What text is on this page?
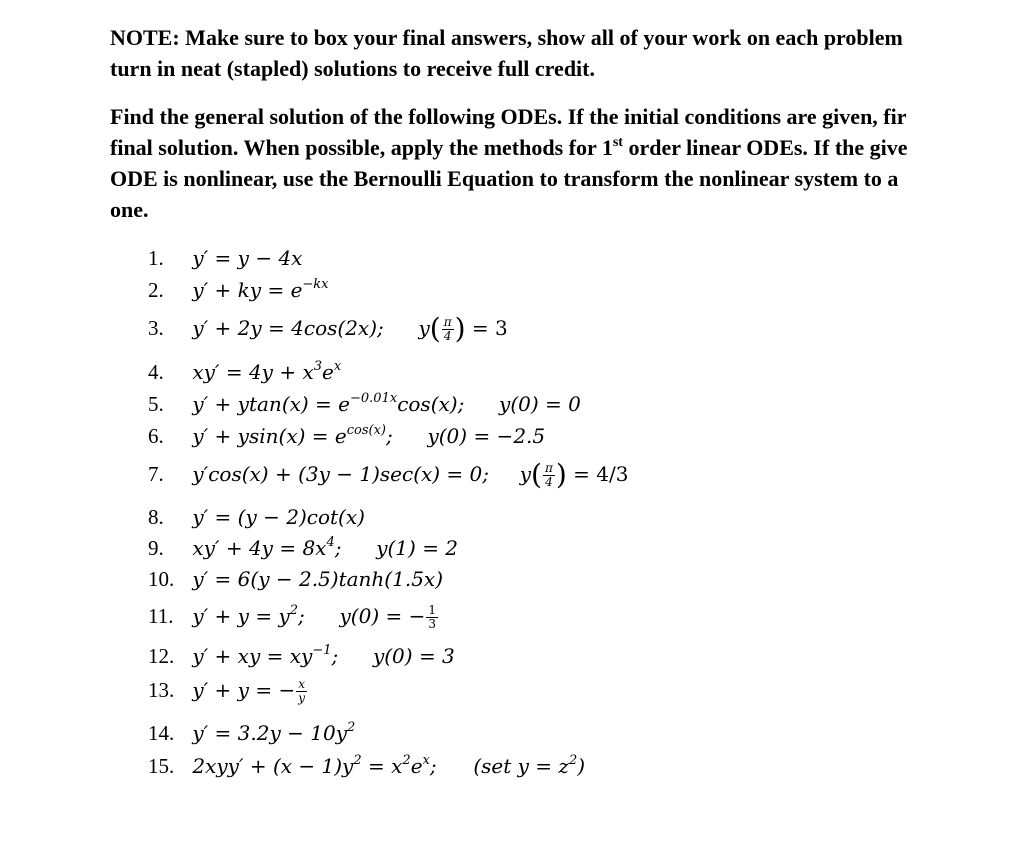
NOTE: Make sure to box your final answers, show all of your work on each problem
turn in neat (stapled) solutions to receive full credit.
Find the general solution of the following ODEs. If the initial conditions are given, fir
final solution. When possible, apply the methods for 1st order linear ODEs. If the give
ODE is nonlinear, use the Bernoulli Equation to transform the nonlinear system to a
one.
1. y′ = y − 4x
2. y′ + ky = $e^{-kx}$
3. y′ + 2y = 4cos(2x); $y( \frac{\pi}{4}$ ) = 3
4. $xy' = 4y + x^3e^x$
5. $y' + ytan(x) = e^{-0.01x}\cos(x)$; y(0) = 0
6. $y' + ysin(x) = e^{cos(x)}$; y(0) = −2.5
7. y′cos(x) + (3y − 1)sec(x) = 0; $y( \frac{\pi}{4}$ ) = 4/3
8. y′ = (y − 2)cot(x)
9. $xy' + 4y = 8x^4$; y(1) = 2
10. y′ = 6(y − 2.5)tanh(1.5x)
11. $y' + y = y^2$; y(0) = − $\frac{1}{3}$
12. y′ + xy = $xy^{-1}$; y(0) = 3
13. y′ + y = − $\frac{x}{y}$
14. $y' = 3.2y - 10y^2$
15. $2xyy' + (x - 1)y^2 = x^2e^x$; (set $y = z^2$)
